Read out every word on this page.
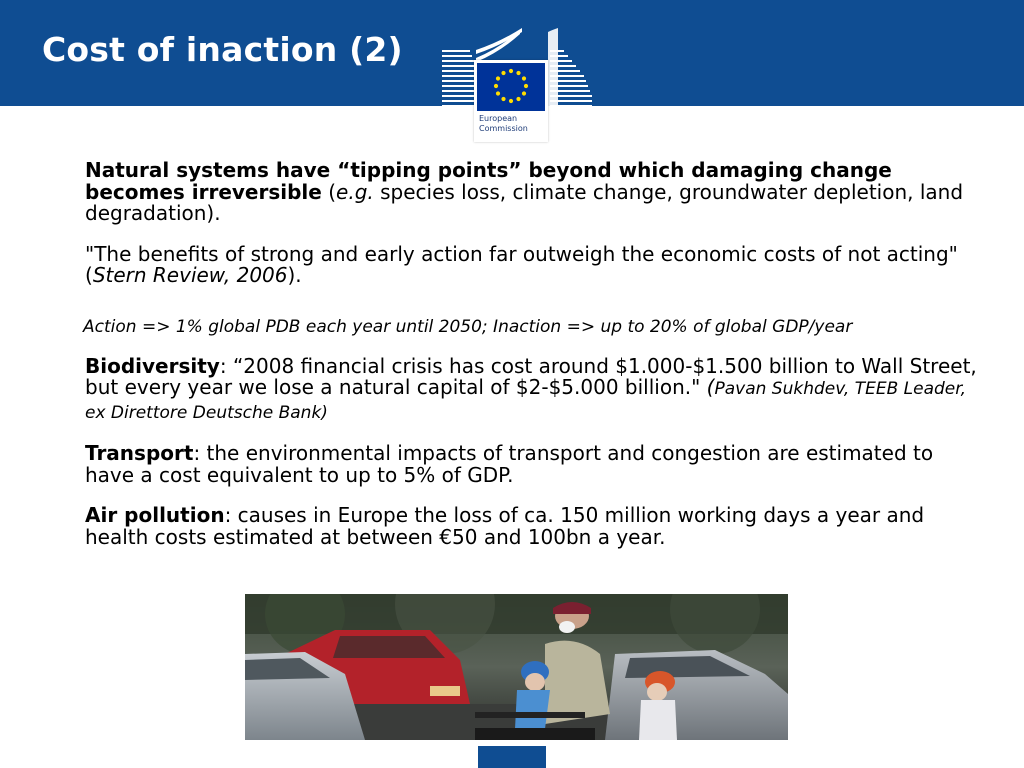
Cost of inaction (2)
European
Commission

Natural systems have “tipping points” beyond which damaging change becomes irreversible (e.g. species loss, climate change, groundwater depletion, land degradation).

"The benefits of strong and early action far outweigh the economic costs of not acting" (Stern Review, 2006).

Action => 1% global PDB each year until 2050; Inaction => up to 20% of global GDP/year

Biodiversity: “2008 financial crisis has cost around $1.000-$1.500 billion to Wall Street, but every year we lose a natural capital of $2-$5.000 billion." (Pavan Sukhdev, TEEB Leader, ex Direttore Deutsche Bank)

Transport: the environmental impacts of transport and congestion are estimated to have a cost equivalent to up to 5% of GDP.

Air pollution: causes in Europe the loss of ca. 150 million working days a year and health costs estimated at between €50 and 100bn a year.
